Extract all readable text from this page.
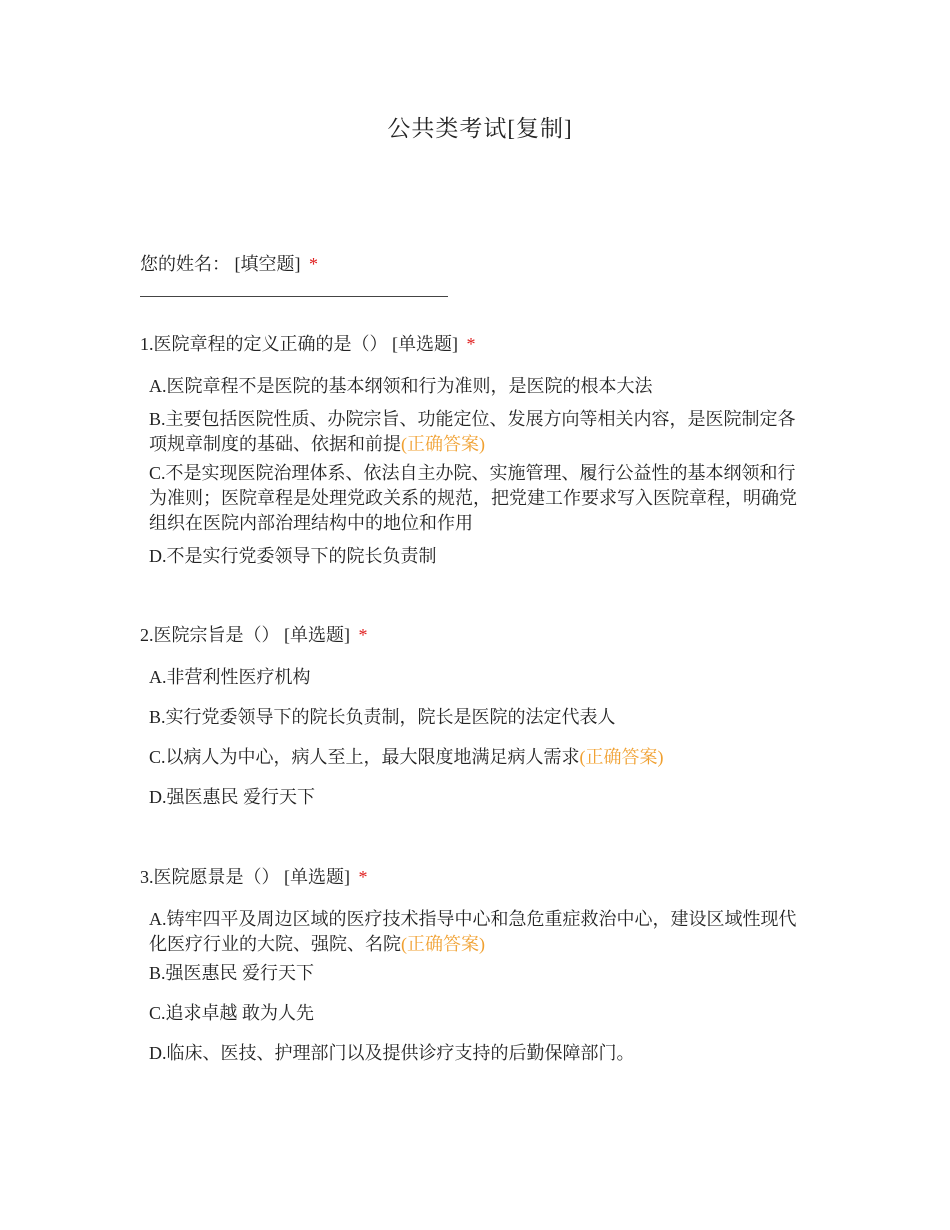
公共类考试[复制]
您的姓名： [填空题] *
1.医院章程的定义正确的是（） [单选题] *
A.医院章程不是医院的基本纲领和行为准则，是医院的根本大法
B.主要包括医院性质、办院宗旨、功能定位、发展方向等相关内容，是医院制定各项规章制度的基础、依据和前提(正确答案)
C.不是实现医院治理体系、依法自主办院、实施管理、履行公益性的基本纲领和行为准则；医院章程是处理党政关系的规范，把党建工作要求写入医院章程，明确党组织在医院内部治理结构中的地位和作用
D.不是实行党委领导下的院长负责制
2.医院宗旨是（） [单选题] *
A.非营利性医疗机构
B.实行党委领导下的院长负责制，院长是医院的法定代表人
C.以病人为中心，病人至上，最大限度地满足病人需求(正确答案)
D.强医惠民 爱行天下
3.医院愿景是（） [单选题] *
A.铸牢四平及周边区域的医疗技术指导中心和急危重症救治中心，建设区域性现代化医疗行业的大院、强院、名院(正确答案)
B.强医惠民 爱行天下
C.追求卓越 敢为人先
D.临床、医技、护理部门以及提供诊疗支持的后勤保障部门。
